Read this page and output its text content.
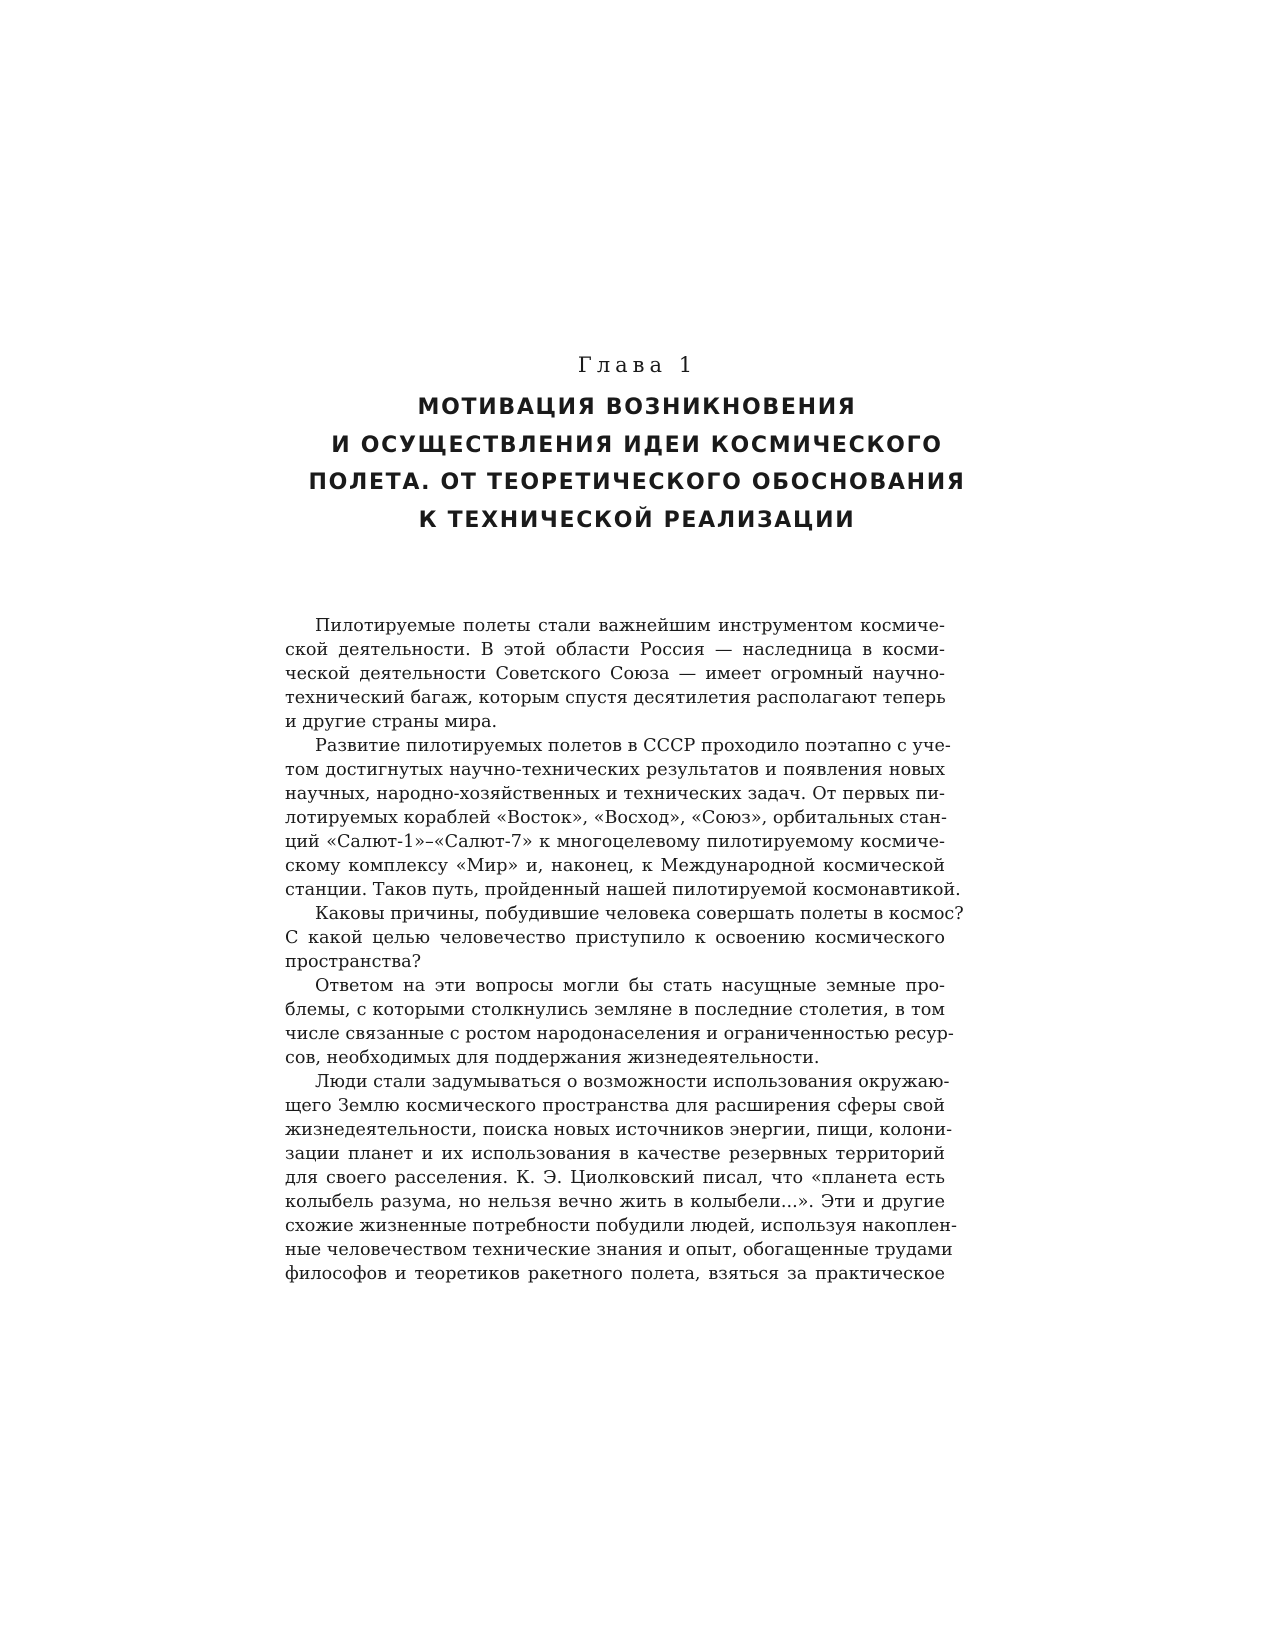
Глава 1
МОТИВАЦИЯ ВОЗНИКНОВЕНИЯ
И ОСУЩЕСТВЛЕНИЯ ИДЕИ КОСМИЧЕСКОГО
ПОЛЕТА. ОТ ТЕОРЕТИЧЕСКОГО ОБОСНОВАНИЯ
К ТЕХНИЧЕСКОЙ РЕАЛИЗАЦИИ

Пилотируемые полеты стали важнейшим инструментом космиче-
ской деятельности. В этой области Россия — наследница в косми-
ческой деятельности Советского Союза — имеет огромный научно-
технический багаж, которым спустя десятилетия располагают теперь
и другие страны мира.

Развитие пилотируемых полетов в СССР проходило поэтапно с уче-
том достигнутых научно-технических результатов и появления новых
научных, народно-хозяйственных и технических задач. От первых пи-
лотируемых кораблей «Восток», «Восход», «Союз», орбитальных стан-
ций «Салют-1»–«Салют-7» к многоцелевому пилотируемому космиче-
скому комплексу «Мир» и, наконец, к Международной космической
станции. Таков путь, пройденный нашей пилотируемой космонавтикой.

Каковы причины, побудившие человека совершать полеты в космос?
С какой целью человечество приступило к освоению космического
пространства?

Ответом на эти вопросы могли бы стать насущные земные про-
блемы, с которыми столкнулись земляне в последние столетия, в том
числе связанные с ростом народонаселения и ограниченностью ресур-
сов, необходимых для поддержания жизнедеятельности.

Люди стали задумываться о возможности использования окружаю-
щего Землю космического пространства для расширения сферы свой
жизнедеятельности, поиска новых источников энергии, пищи, колони-
зации планет и их использования в качестве резервных территорий
для своего расселения. К. Э. Циолковский писал, что «планета есть
колыбель разума, но нельзя вечно жить в колыбели...». Эти и другие
схожие жизненные потребности побудили людей, используя накоплен-
ные человечеством технические знания и опыт, обогащенные трудами
философов и теоретиков ракетного полета, взяться за практическое
